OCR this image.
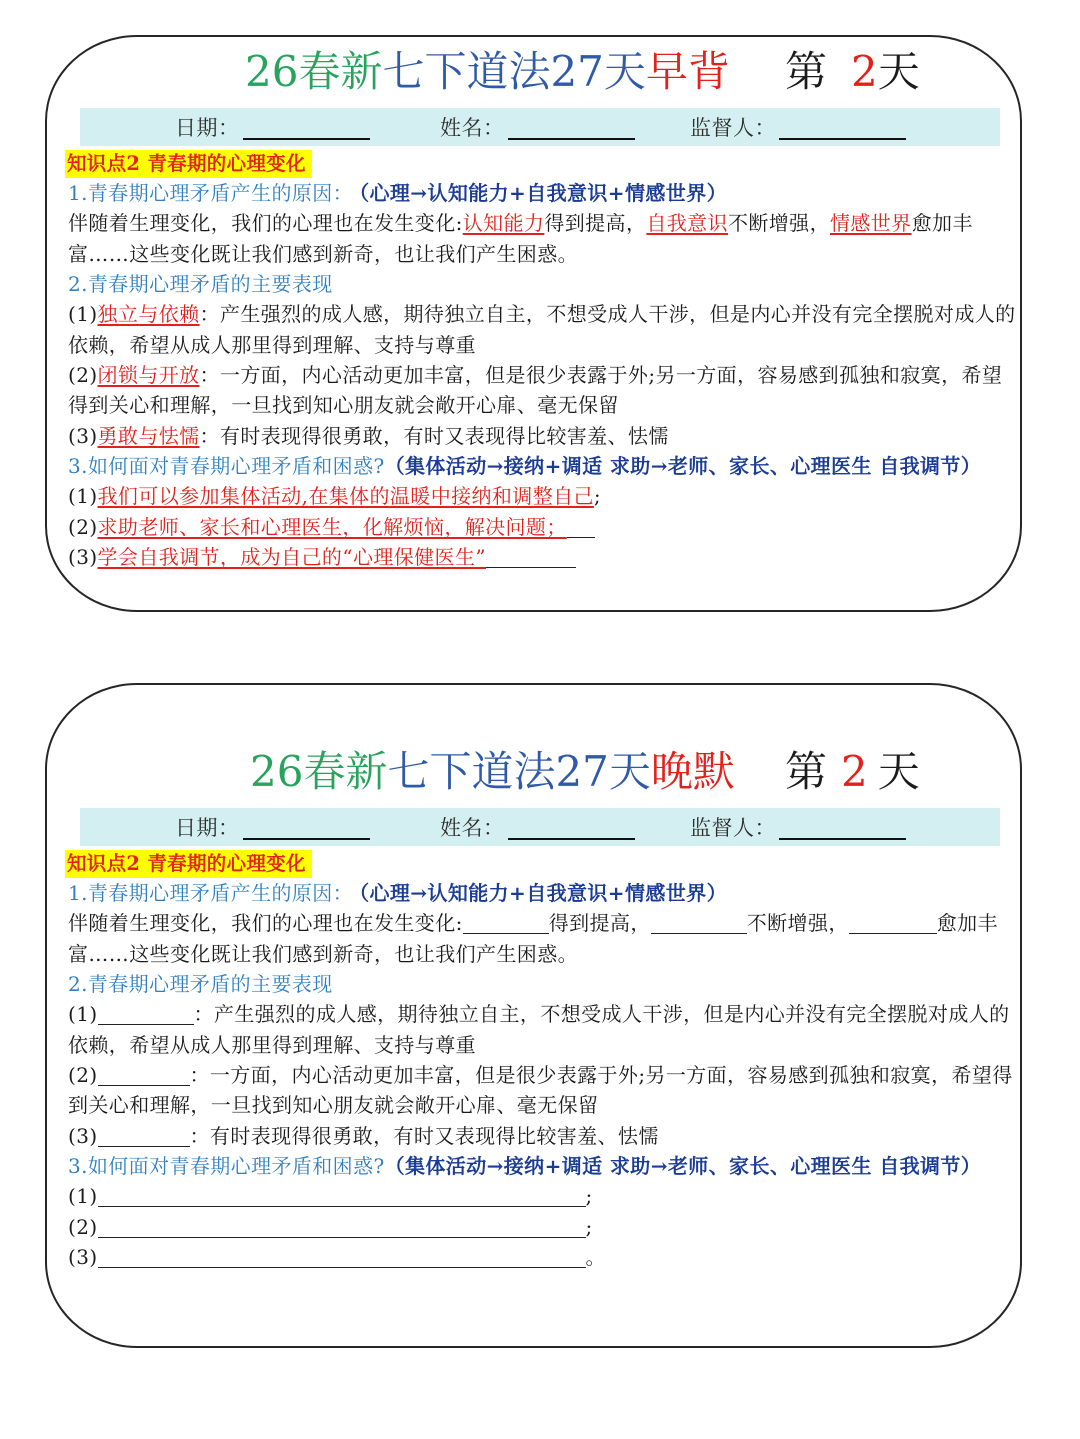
26春新七下道法27天早背 第 2天
日期：	姓名：	监督人：
知识点2 青春期的心理变化
1.青春期心理矛盾产生的原因： （心理→认知能力+自我意识+情感世界）
伴随着生理变化，我们的心理也在发生变化:认知能力得到提高，自我意识不断增强，情感世界愈加丰
富……这些变化既让我们感到新奇，也让我们产生困惑。
2.青春期心理矛盾的主要表现
(1)独立与依赖：产生强烈的成人感，期待独立自主，不想受成人干涉，但是内心并没有完全摆脱对成人的
依赖，希望从成人那里得到理解、支持与尊重
(2)闭锁与开放：一方面，内心活动更加丰富，但是很少表露于外;另一方面，容易感到孤独和寂寞，希望
得到关心和理解，一旦找到知心朋友就会敞开心扉、毫无保留
(3)勇敢与怯懦：有时表现得很勇敢，有时又表现得比较害羞、怯懦
3.如何面对青春期心理矛盾和困惑?（集体活动→接纳+调适 求助→老师、家长、心理医生 自我调节）
(1)我们可以参加集体活动,在集体的温暖中接纳和调整自己;
(2)求助老师、家长和心理医生，化解烦恼，解决问题；
(3)学会自我调节，成为自己的“心理保健医生”
26春新七下道法27天晚默 第 2 天
日期：	姓名：	监督人：
知识点2 青春期的心理变化
1.青春期心理矛盾产生的原因： （心理→认知能力+自我意识+情感世界）
伴随着生理变化，我们的心理也在发生变化:	得到提高，	不断增强，	愈加丰
富……这些变化既让我们感到新奇，也让我们产生困惑。
2.青春期心理矛盾的主要表现
(1)	：产生强烈的成人感，期待独立自主，不想受成人干涉，但是内心并没有完全摆脱对成人的
依赖，希望从成人那里得到理解、支持与尊重
(2)	：一方面，内心活动更加丰富，但是很少表露于外;另一方面，容易感到孤独和寂寞，希望得
到关心和理解，一旦找到知心朋友就会敞开心扉、毫无保留
(3)	：有时表现得很勇敢，有时又表现得比较害羞、怯懦
3.如何面对青春期心理矛盾和困惑?（集体活动→接纳+调适 求助→老师、家长、心理医生 自我调节）
(1)	;
(2)	;
(3)	。
